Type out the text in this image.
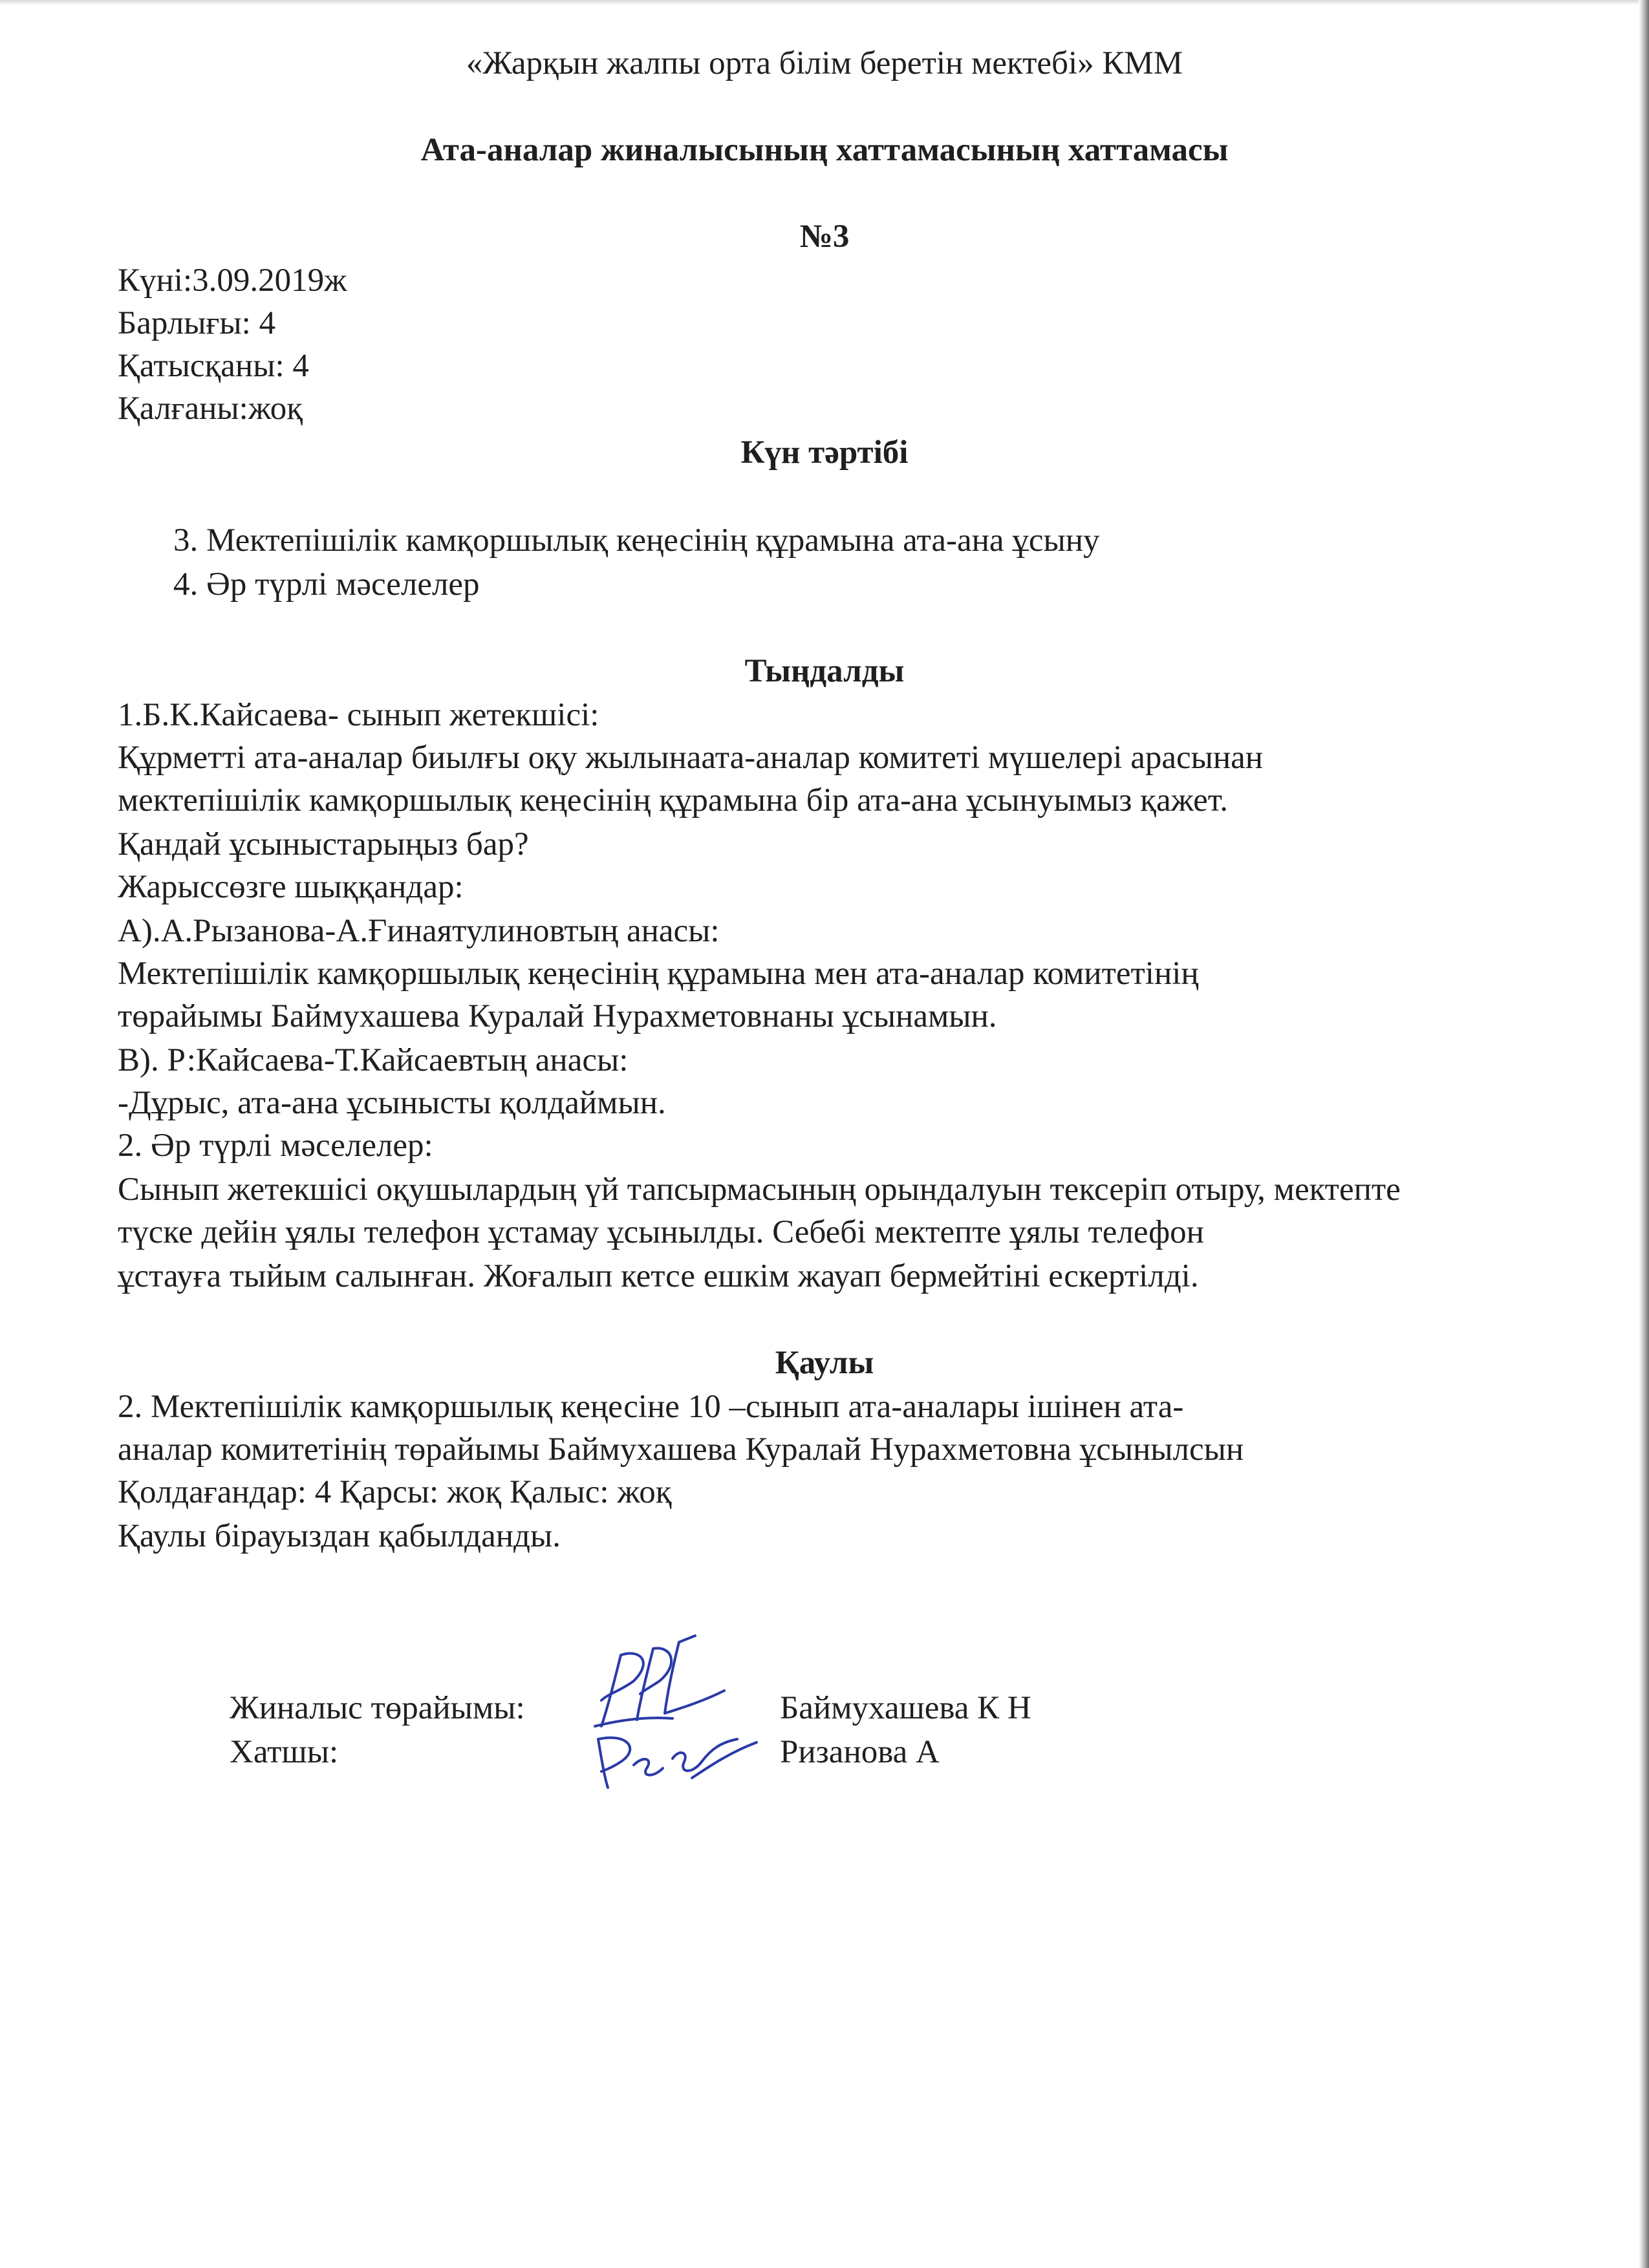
«Жарқын жалпы орта білім беретін мектебі» КММ
Ата-аналар жиналысының хаттамасының хаттамасы
№3
Күні:3.09.2019ж
Барлығы: 4
Қатысқаны: 4
Қалғаны:жоқ
Күн тәртібі
3. Мектепішілік камқоршылық кеңесінің құрамына ата-ана ұсыну
4. Әр түрлі мәселелер
Тыңдалды
1.Б.К.Кайсаева- сынып жетекшісі:
Құрметті ата-аналар биылғы оқу жылынаата-аналар комитеті мүшелері арасынан
мектепішілік камқоршылық кеңесінің құрамына бір ата-ана ұсынуымыз қажет.
Қандай ұсыныстарыңыз бар?
Жарыссөзге шыққандар:
А).А.Рызанова-А.Ғинаятулиновтың анасы:
Мектепішілік камқоршылық кеңесінің құрамына мен ата-аналар комитетінің
төрайымы Баймухашева Куралай Нурахметовнаны ұсынамын.
В). Р:Кайсаева-Т.Кайсаевтың анасы:
-Дұрыс, ата-ана ұсынысты қолдаймын.
2. Әр түрлі мәселелер:
Сынып жетекшісі оқушылардың үй тапсырмасының орындалуын тексеріп отыру, мектепте
түске дейін ұялы телефон ұстамау ұсынылды. Себебі мектепте ұялы телефон
ұстауға тыйым салынған. Жоғалып кетсе ешкім жауап бермейтіні ескертілді.
Қаулы
2. Мектепішілік камқоршылық кеңесіне 10 –сынып ата-аналары ішінен ата-
аналар комитетінің төрайымы Баймухашева Куралай Нурахметовна ұсынылсын
Қолдағандар: 4 Қарсы: жоқ Қалыс: жоқ
Қаулы бірауыздан қабылданды.
Жиналыс төрайымы:
Хатшы:
Баймухашева К Н
Ризанова А
